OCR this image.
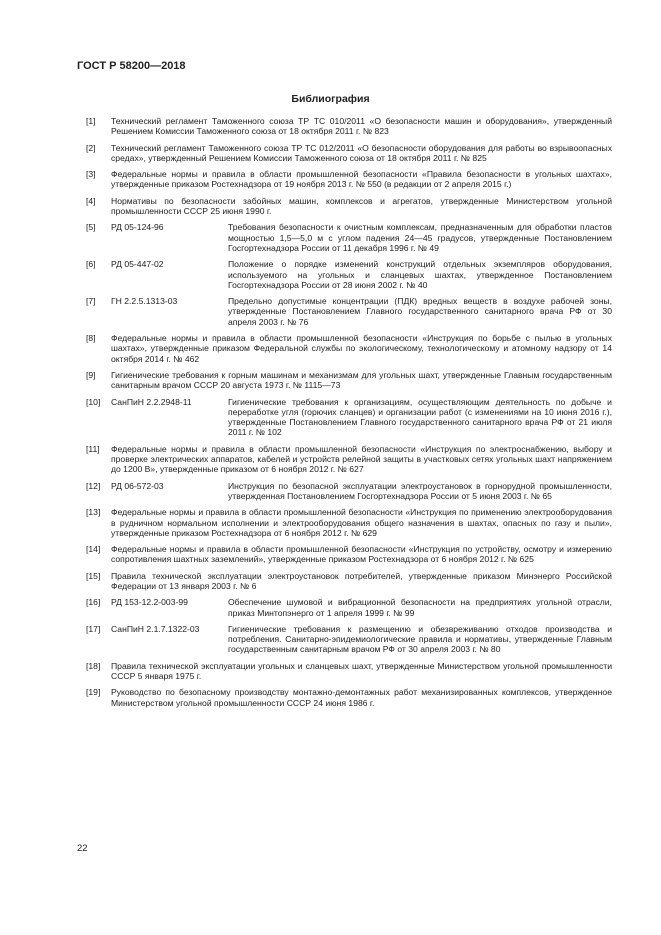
ГОСТ Р 58200—2018
Библиография
[1]	Технический регламент Таможенного союза ТР ТС 010/2011 «О безопасности машин и оборудования», утвержденный Решением Комиссии Таможенного союза от 18 октября 2011 г. № 823
[2]	Технический регламент Таможенного союза ТР ТС 012/2011 «О безопасности оборудования для работы во взрывоопасных средах», утвержденный Решением Комиссии Таможенного союза от 18 октября 2011 г. № 825
[3]	Федеральные нормы и правила в области промышленной безопасности «Правила безопасности в угольных шахтах», утвержденные приказом Ростехнадзора от 19 ноября 2013 г. № 550 (в редакции от 2 апреля 2015 г.)
[4]	Нормативы по безопасности забойных машин, комплексов и агрегатов, утвержденные Министерством угольной промышленности СССР 25 июня 1990 г.
[5]	РД 05-124-96	Требования безопасности к очистным комплексам, предназначенным для обработки пластов мощностью 1,5—5,0 м с углом падения 24—45 градусов, утвержденные Постановлением Госгортехнадзора России от 11 декабря 1996 г. № 49
[6]	РД 05-447-02	Положение о порядке изменений конструкций отдельных экземпляров оборудования, используемого на угольных и сланцевых шахтах, утвержденное Постановлением Госгортехнадзора России от 28 июня 2002 г. № 40
[7]	ГН 2.2.5.1313-03	Предельно допустимые концентрации (ПДК) вредных веществ в воздухе рабочей зоны, утвержденные Постановлением Главного государственного санитарного врача РФ от 30 апреля 2003 г. № 76
[8]	Федеральные нормы и правила в области промышленной безопасности «Инструкция по борьбе с пылью в угольных шахтах», утвержденные приказом Федеральной службы по экологическому, технологическому и атомному надзору от 14 октября 2014 г. № 462
[9]	Гигиенические требования к горным машинам и механизмам для угольных шахт, утвержденные Главным государственным санитарным врачом СССР 20 августа 1973 г. № 1115—73
[10]	СанПиН 2.2.2948-11	Гигиенические требования к организациям, осуществляющим деятельность по добыче и переработке угля (горючих сланцев) и организации работ (с изменениями на 10 июня 2016 г.), утвержденные Постановлением Главного государственного санитарного врача РФ от 21 июля 2011 г. № 102
[11]	Федеральные нормы и правила в области промышленной безопасности «Инструкция по электроснабжению, выбору и проверке электрических аппаратов, кабелей и устройств релейной защиты в участковых сетях угольных шахт напряжением до 1200 В», утвержденные приказом от 6 ноября 2012 г. № 627
[12]	РД 06-572-03	Инструкция по безопасной эксплуатации электроустановок в горнорудной промышленности, утвержденная Постановлением Госгортехнадзора России от 5 июня 2003 г. № 65
[13]	Федеральные нормы и правила в области промышленной безопасности «Инструкция по применению электрооборудования в рудничном нормальном исполнении и электрооборудования общего назначения в шахтах, опасных по газу и пыли», утвержденные приказом Ростехнадзора от 6 ноября 2012 г. № 629
[14]	Федеральные нормы и правила в области промышленной безопасности «Инструкция по устройству, осмотру и измерению сопротивления шахтных заземлений», утвержденные приказом Ростехнадзора от 6 ноября 2012 г. № 625
[15]	Правила технической эксплуатации электроустановок потребителей, утвержденные приказом Минэнерго Российской Федерации от 13 января 2003 г. № 6
[16]	РД 153-12.2-003-99	Обеспечение шумовой и вибрационной безопасности на предприятиях угольной отрасли, приказ Минтопэнерго от 1 апреля 1999 г. № 99
[17]	СанПиН 2.1.7.1322-03	Гигиенические требования к размещению и обезвреживанию отходов производства и потребления. Санитарно-эпидемиологические правила и нормативы, утвержденные Главным государственным санитарным врачом РФ от 30 апреля 2003 г. № 80
[18]	Правила технической эксплуатации угольных и сланцевых шахт, утвержденные Министерством угольной промышленности СССР 5 января 1975 г.
[19]	Руководство по безопасному производству монтажно-демонтажных работ механизированных комплексов, утвержденное Министерством угольной промышленности СССР 24 июня 1986 г.
22
